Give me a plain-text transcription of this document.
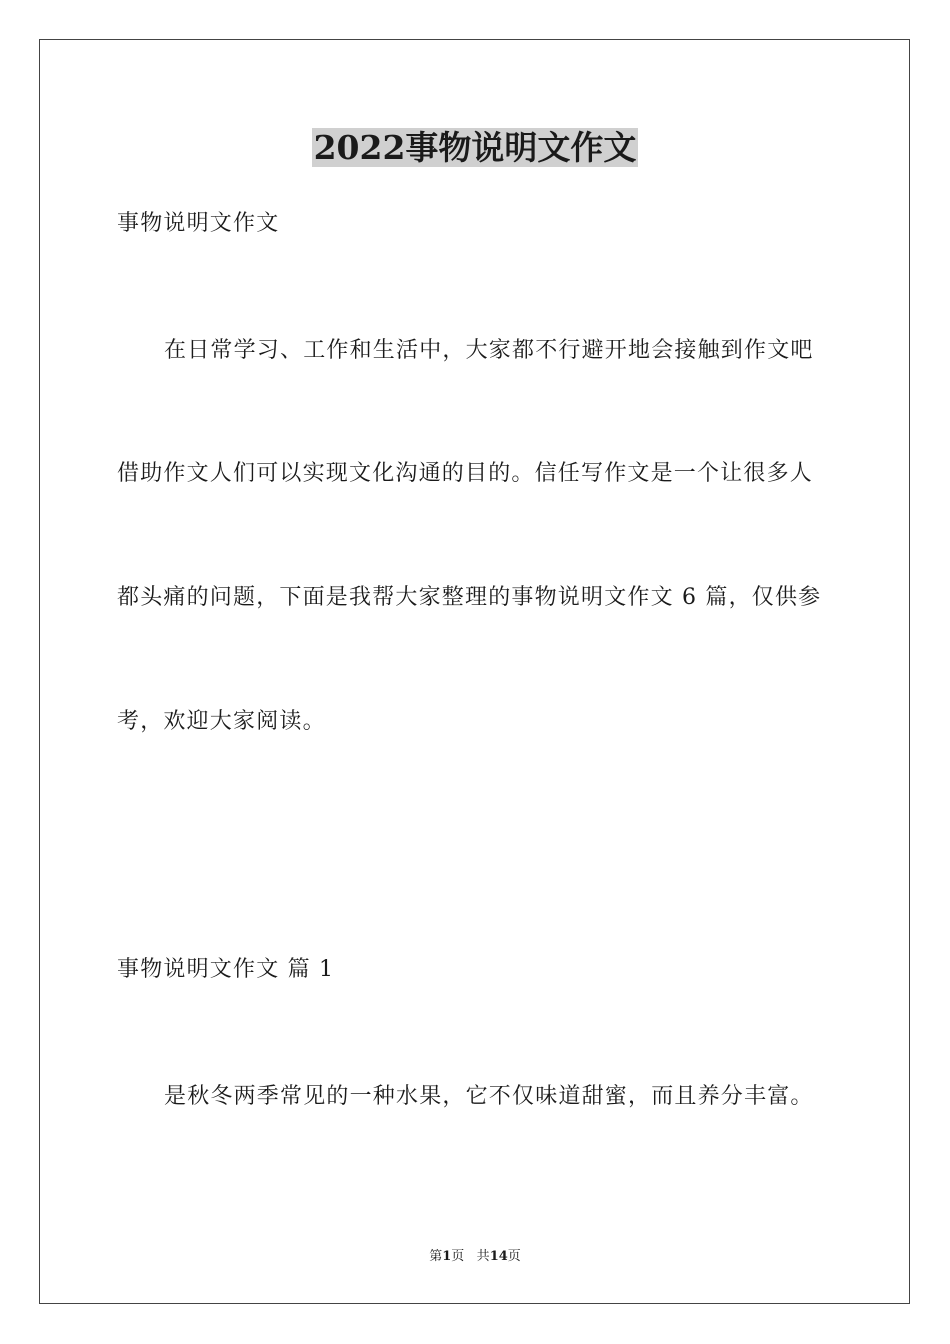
2022事物说明文作文
事物说明文作文
在日常学习、工作和生活中，大家都不行避开地会接触到作文吧
借助作文人们可以实现文化沟通的目的。信任写作文是一个让很多人
都头痛的问题，下面是我帮大家整理的事物说明文作文 6 篇，仅供参
考，欢迎大家阅读。
事物说明文作文 篇 1
是秋冬两季常见的一种水果，它不仅味道甜蜜，而且养分丰富。
第1页 共14页
